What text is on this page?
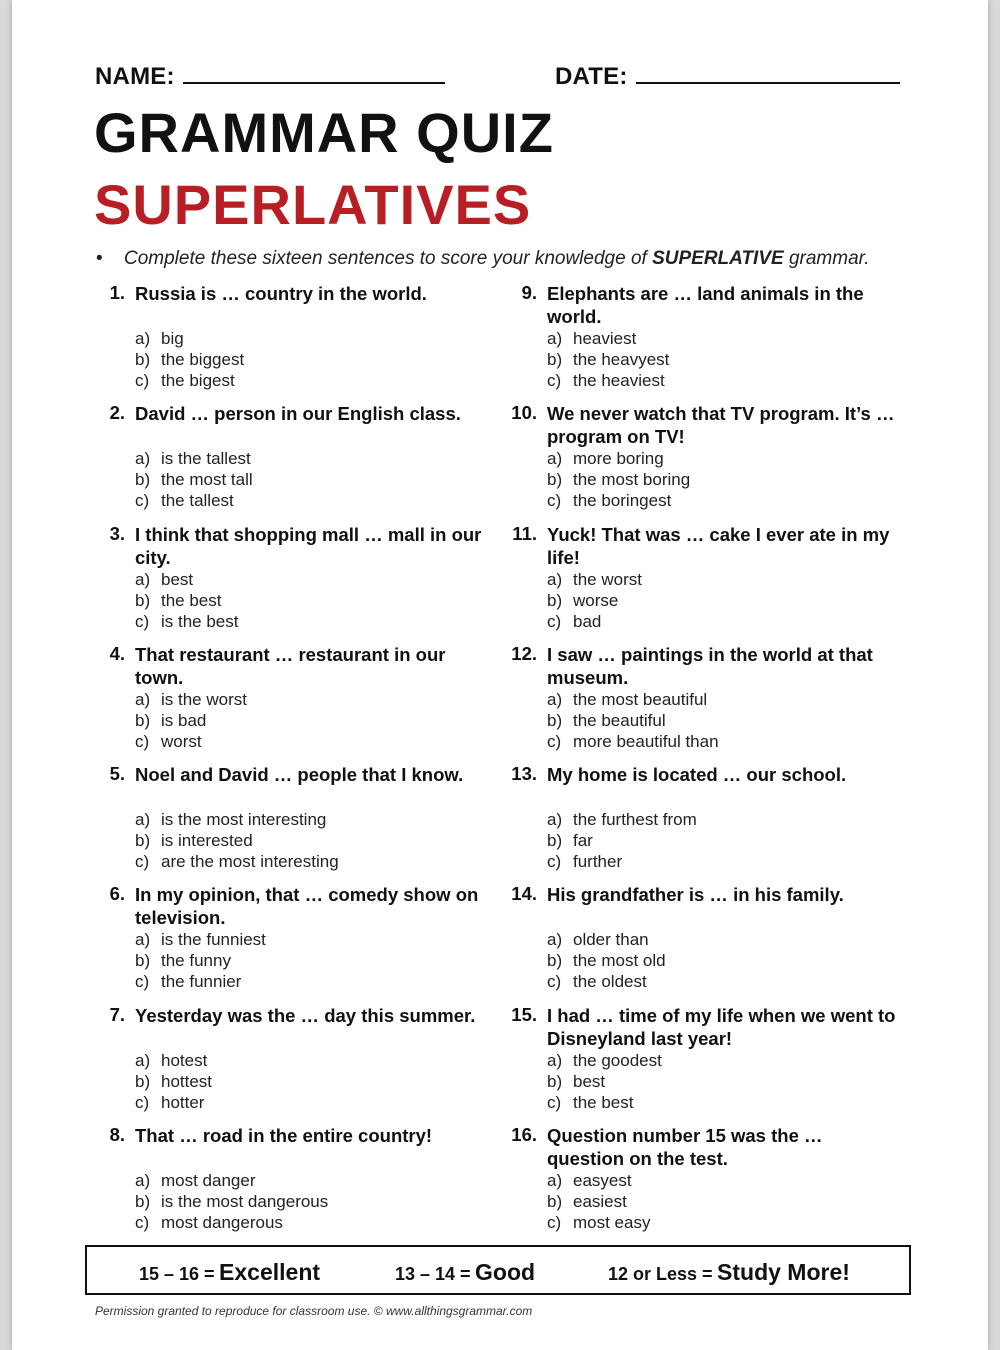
NAME:	DATE:
GRAMMAR QUIZ
SUPERLATIVES
• Complete these sixteen sentences to score your knowledge of SUPERLATIVE grammar.
1. Russia is … country in the world.
a) big
b) the biggest
c) the bigest
2. David … person in our English class.
a) is the tallest
b) the most tall
c) the tallest
3. I think that shopping mall … mall in our city.
a) best
b) the best
c) is the best
4. That restaurant … restaurant in our town.
a) is the worst
b) is bad
c) worst
5. Noel and David … people that I know.
a) is the most interesting
b) is interested
c) are the most interesting
6. In my opinion, that … comedy show on television.
a) is the funniest
b) the funny
c) the funnier
7. Yesterday was the … day this summer.
a) hotest
b) hottest
c) hotter
8. That … road in the entire country!
a) most danger
b) is the most dangerous
c) most dangerous
9. Elephants are … land animals in the world.
a) heaviest
b) the heavyest
c) the heaviest
10. We never watch that TV program. It’s … program on TV!
a) more boring
b) the most boring
c) the boringest
11. Yuck! That was … cake I ever ate in my life!
a) the worst
b) worse
c) bad
12. I saw … paintings in the world at that museum.
a) the most beautiful
b) the beautiful
c) more beautiful than
13. My home is located … our school.
a) the furthest from
b) far
c) further
14. His grandfather is … in his family.
a) older than
b) the most old
c) the oldest
15. I had … time of my life when we went to Disneyland last year!
a) the goodest
b) best
c) the best
16. Question number 15 was the … question on the test.
a) easyest
b) easiest
c) most easy
15 – 16 = Excellent	13 – 14 = Good	12 or Less = Study More!
Permission granted to reproduce for classroom use. © www.allthingsgrammar.com
